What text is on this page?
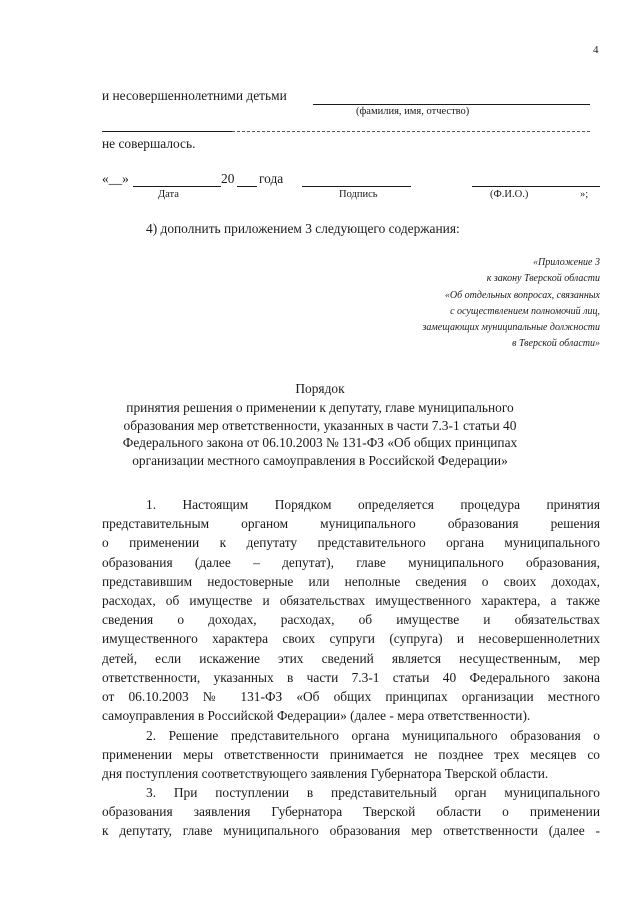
4
и несовершеннолетними детьми
(фамилия, имя, отчество)
не совершалось.
«__»	20 года
Дата	Подпись	(Ф.И.О.)	»;
4) дополнить приложением 3 следующего содержания:
«Приложение 3
к закону Тверской области
«Об отдельных вопросах, связанных
с осуществлением полномочий лиц,
замещающих муниципальные должности
в Тверской области»
Порядок
принятия решения о применении к депутату, главе муниципального
образования мер ответственности, указанных в части 7.3-1 статьи 40
Федерального закона от 06.10.2003 № 131-ФЗ «Об общих принципах
организации местного самоуправления в Российской Федерации»
1. Настоящим Порядком определяется процедура принятия
представительным органом муниципального образования решения
о применении к депутату представительного органа муниципального
образования (далее – депутат), главе муниципального образования,
представившим недостоверные или неполные сведения о своих доходах,
расходах, об имуществе и обязательствах имущественного характера, а также
сведения о доходах, расходах, об имуществе и обязательствах
имущественного характера своих супруги (супруга) и несовершеннолетних
детей, если искажение этих сведений является несущественным, мер
ответственности, указанных в части 7.3-1 статьи 40 Федерального закона
от 06.10.2003 № 131-ФЗ «Об общих принципах организации местного
самоуправления в Российской Федерации» (далее - мера ответственности).
2. Решение представительного органа муниципального образования о
применении меры ответственности принимается не позднее трех месяцев со
дня поступления соответствующего заявления Губернатора Тверской области.
3. При поступлении в представительный орган муниципального
образования заявления Губернатора Тверской области о применении
к депутату, главе муниципального образования мер ответственности (далее -
